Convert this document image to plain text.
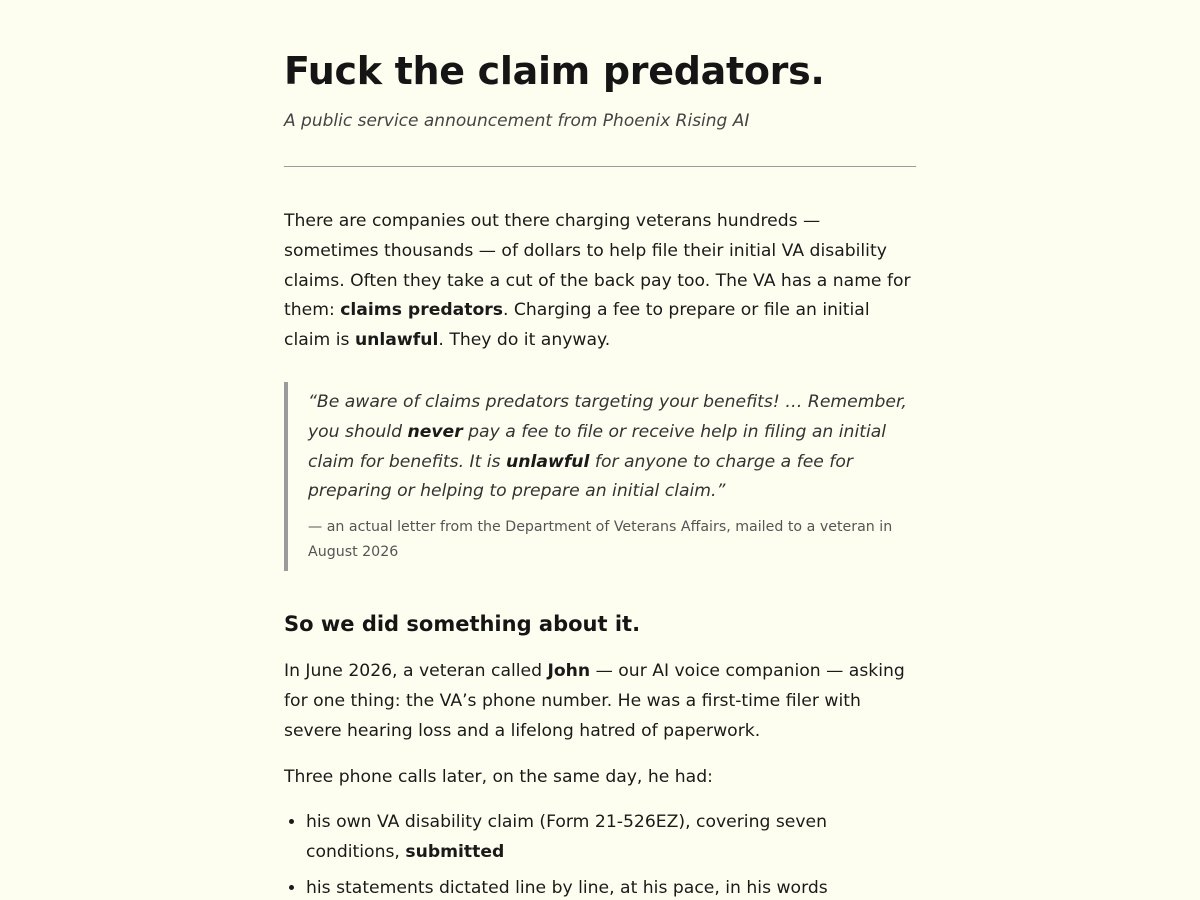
Fuck the claim predators.

A public service announcement from Phoenix Rising AI

There are companies out there charging veterans hundreds — sometimes thousands — of dollars to help file their initial VA disability claims. Often they take a cut of the back pay too. The VA has a name for them: claims predators. Charging a fee to prepare or file an initial claim is unlawful. They do it anyway.

“Be aware of claims predators targeting your benefits! … Remember, you should never pay a fee to file or receive help in filing an initial claim for benefits. It is unlawful for anyone to charge a fee for preparing or helping to prepare an initial claim.”
— an actual letter from the Department of Veterans Affairs, mailed to a veteran in August 2026
So we did something about it.

In June 2026, a veteran called John — our AI voice companion — asking for one thing: the VA’s phone number. He was a first-time filer with severe hearing loss and a lifelong hatred of paperwork.

Three phone calls later, on the same day, he had:

• his own VA disability claim (Form 21-526EZ), covering seven conditions, submitted
• his statements dictated line by line, at his pace, in his words
